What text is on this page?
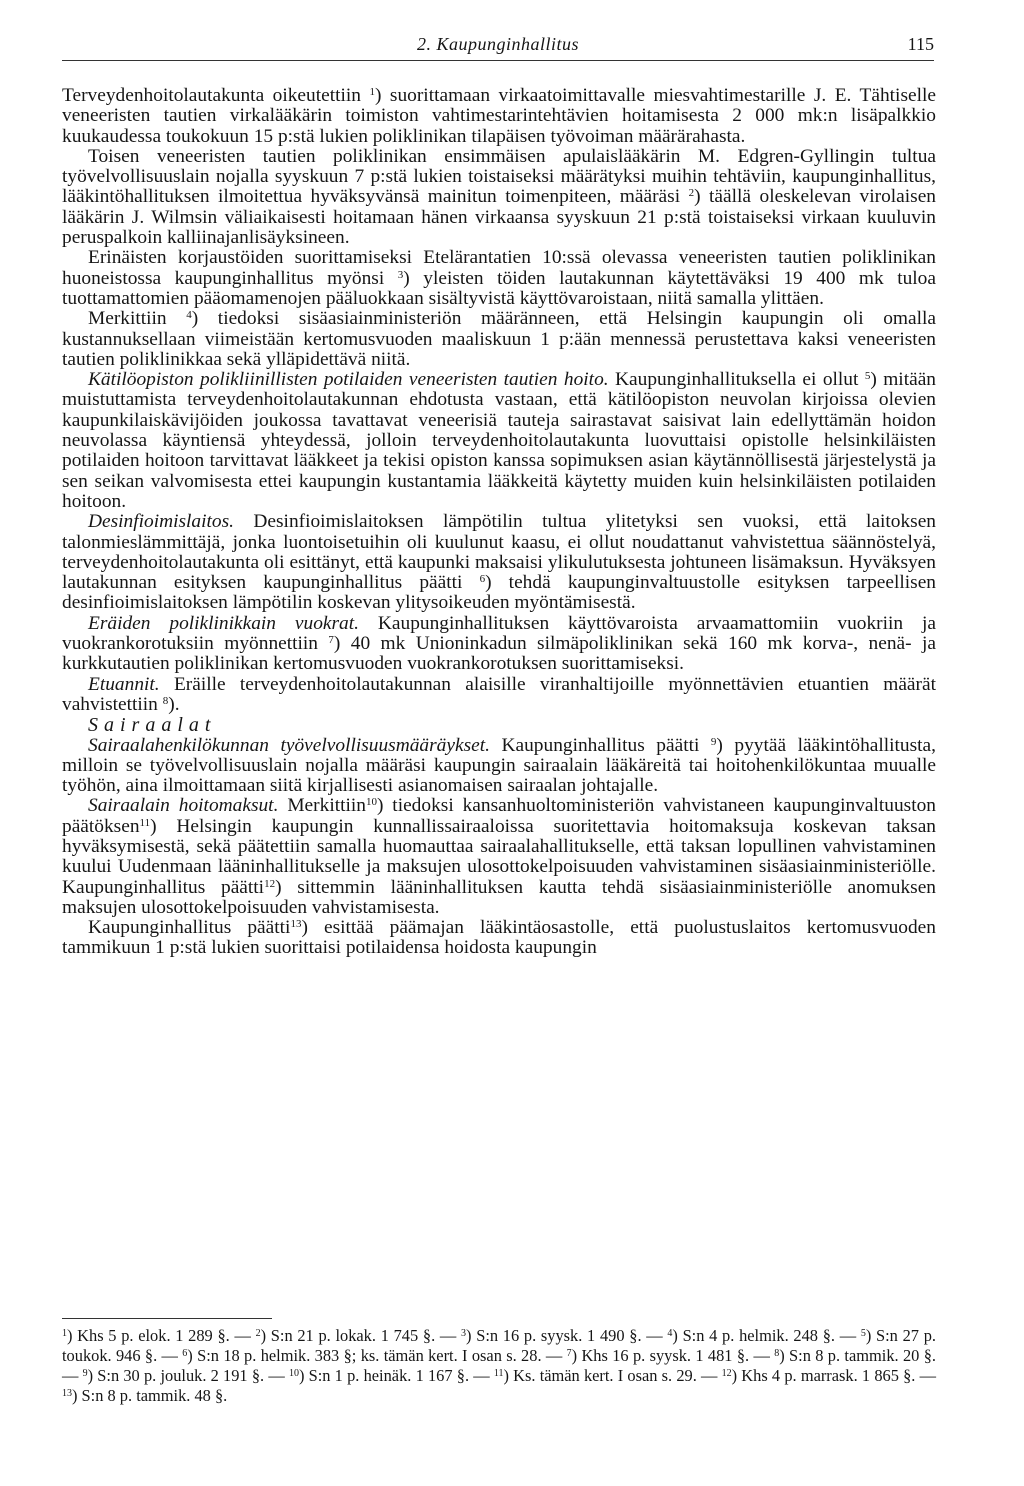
2. Kaupunginhallitus	115

Terveydenhoitolautakunta oikeutettiin $^1$) suorittamaan virkaatoimittavalle miesvahtimestarille J. E. Tähtiselle veneeristen tautien virkalääkärin toimiston vahtimestarintehtävien hoitamisesta 2 000 mk:n lisäpalkkio kuukaudessa toukokuun 15 p:stä lukien poliklinikan tilapäisen työvoiman määrärahasta.

Toisen veneeristen tautien poliklinikan ensimmäisen apulaislääkärin M. Edgren-Gyllingin tultua työvelvollisuuslain nojalla syyskuun 7 p:stä lukien toistaiseksi määrätyksi muihin tehtäviin, kaupunginhallitus, lääkintöhallituksen ilmoitettua hyväksyvänsä mainitun toimenpiteen, määräsi $^2$) täällä oleskelevan virolaisen lääkärin J. Wilmsin väliaikaisesti hoitamaan hänen virkaansa syyskuun 21 p:stä toistaiseksi virkaan kuuluvin peruspalkoin kalliinajanlisäyksineen.

Erinäisten korjaustöiden suorittamiseksi Etelärantatien 10:ssä olevassa veneeristen tautien poliklinikan huoneistossa kaupunginhallitus myönsi $^3$) yleisten töiden lautakunnan käytettäväksi 19 400 mk tuloa tuottamattomien pääomamenojen pääluokkaan sisältyvistä käyttövaroistaan, niitä samalla ylittäen.

Merkittiin $^4$) tiedoksi sisäasiainministeriön määränneen, että Helsingin kaupungin oli omalla kustannuksellaan viimeistään kertomusvuoden maaliskuun 1 p:ään mennessä perustettava kaksi veneeristen tautien poliklinikkaa sekä ylläpidettävä niitä.

Kätilöopiston polikliinillisten potilaiden veneeristen tautien hoito. Kaupunginhallituksella ei ollut $^5$) mitään muistuttamista terveydenhoitolautakunnan ehdotusta vastaan, että kätilöopiston neuvolan kirjoissa olevien kaupunkilaiskävijöiden joukossa tavattavat veneerisiä tauteja sairastavat saisivat lain edellyttämän hoidon neuvolassa käyntiensä yhteydessä, jolloin terveydenhoitolautakunta luovuttaisi opistolle helsinkiläisten potilaiden hoitoon tarvittavat lääkkeet ja tekisi opiston kanssa sopimuksen asian käytännöllisestä järjestelystä ja sen seikan valvomisesta ettei kaupungin kustantamia lääkkeitä käytetty muiden kuin helsinkiläisten potilaiden hoitoon.

Desinfioimislaitos. Desinfioimislaitoksen lämpötilin tultua ylitetyksi sen vuoksi, että laitoksen talonmieslämmittäjä, jonka luontoisetuihin oli kuulunut kaasu, ei ollut noudattanut vahvistettua säännöstelyä, terveydenhoitolautakunta oli esittänyt, että kaupunki maksaisi ylikulutuksesta johtuneen lisämaksun. Hyväksyen lautakunnan esityksen kaupunginhallitus päätti $^6$) tehdä kaupunginvaltuustolle esityksen tarpeellisen desinfioimislaitoksen lämpötilin koskevan ylitysoikeuden myöntämisestä.

Eräiden poliklinikkain vuokrat. Kaupunginhallituksen käyttövaroista arvaamattomiin vuokriin ja vuokrankorotuksiin myönnettiin $^7$) 40 mk Unioninkadun silmäpoliklinikan sekä 160 mk korva-, nenä- ja kurkkutautien poliklinikan kertomusvuoden vuokrankorotuksen suorittamiseksi.

Etuannit. Eräille terveydenhoitolautakunnan alaisille viranhaltijoille myönnettävien etuantien määrät vahvistettiin $^8$).

Sairaalat

Sairaalahenkilökunnan työvelvollisuusmääräykset. Kaupunginhallitus päätti $^9$) pyytää lääkintöhallitusta, milloin se työvelvollisuuslain nojalla määräsi kaupungin sairaalain lääkäreitä tai hoitohenkilökuntaa muualle työhön, aina ilmoittamaan siitä kirjallisesti asianomaisen sairaalan johtajalle.

Sairaalain hoitomaksut. Merkittiin$^{10}$) tiedoksi kansanhuoltoministeriön vahvistaneen kaupunginvaltuuston päätöksen$^{11}$) Helsingin kaupungin kunnallissairaaloissa suoritettavia hoitomaksuja koskevan taksan hyväksymisestä, sekä päätettiin samalla huomauttaa sairaalahallitukselle, että taksan lopullinen vahvistaminen kuului Uudenmaan lääninhallitukselle ja maksujen ulosottokelpoisuuden vahvistaminen sisäasiainministeriölle. Kaupunginhallitus päätti$^{12}$) sittemmin lääninhallituksen kautta tehdä sisäasiainministeriölle anomuksen maksujen ulosottokelpoisuuden vahvistamisesta.

Kaupunginhallitus päätti$^{13}$) esittää päämajan lääkintäosastolle, että puolustuslaitos kertomusvuoden tammikuun 1 p:stä lukien suorittaisi potilaidensa hoidosta kaupungin

$^1$) Khs 5 p. elok. 1 289 §. — $^2$) S:n 21 p. lokak. 1 745 §. — $^3$) S:n 16 p. syysk. 1 490 §. — $^4$) S:n 4 p. helmik. 248 §. — $^5$) S:n 27 p. toukok. 946 §. — $^6$) S:n 18 p. helmik. 383 §; ks. tämän kert. I osan s. 28. — $^7$) Khs 16 p. syysk. 1 481 §. — $^8$) S:n 8 p. tammik. 20 §. — $^9$) S:n 30 p. jouluk. 2 191 §. — $^{10}$) S:n 1 p. heinäk. 1 167 §. — $^{11}$) Ks. tämän kert. I osan s. 29. — $^{12}$) Khs 4 p. marrask. 1 865 §. — $^{13}$) S:n 8 p. tammik. 48 §.
